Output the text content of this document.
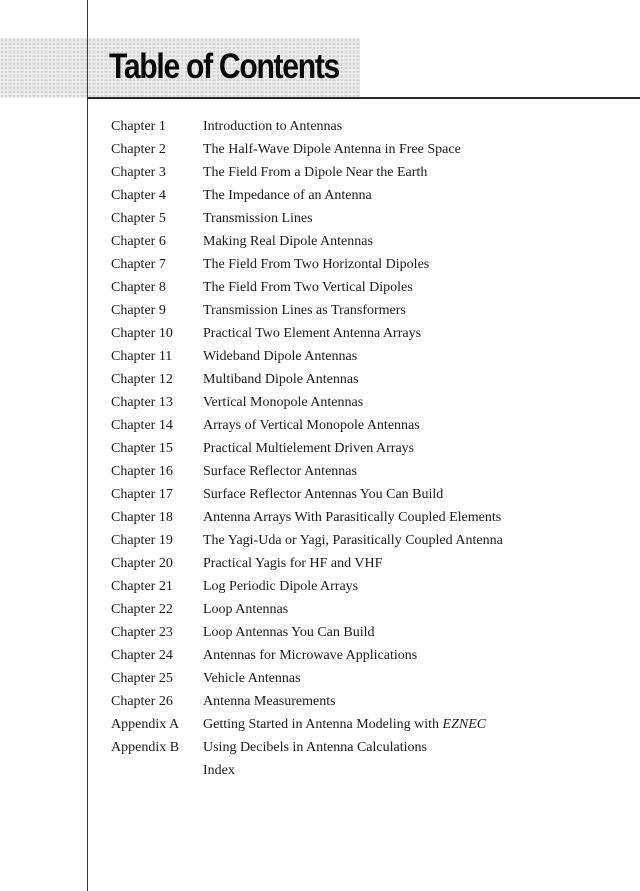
Table of Contents
Chapter 1	Introduction to Antennas
Chapter 2	The Half-Wave Dipole Antenna in Free Space
Chapter 3	The Field From a Dipole Near the Earth
Chapter 4	The Impedance of an Antenna
Chapter 5	Transmission Lines
Chapter 6	Making Real Dipole Antennas
Chapter 7	The Field From Two Horizontal Dipoles
Chapter 8	The Field From Two Vertical Dipoles
Chapter 9	Transmission Lines as Transformers
Chapter 10 Practical Two Element Antenna Arrays
Chapter 11 Wideband Dipole Antennas
Chapter 12 Multiband Dipole Antennas
Chapter 13 Vertical Monopole Antennas
Chapter 14 Arrays of Vertical Monopole Antennas
Chapter 15 Practical Multielement Driven Arrays
Chapter 16 Surface Reflector Antennas
Chapter 17 Surface Reflector Antennas You Can Build
Chapter 18 Antenna Arrays With Parasitically Coupled Elements
Chapter 19 The Yagi-Uda or Yagi, Parasitically Coupled Antenna
Chapter 20 Practical Yagis for HF and VHF
Chapter 21 Log Periodic Dipole Arrays
Chapter 22 Loop Antennas
Chapter 23 Loop Antennas You Can Build
Chapter 24 Antennas for Microwave Applications
Chapter 25 Vehicle Antennas
Chapter 26 Antenna Measurements
Appendix A Getting Started in Antenna Modeling with EZNEC
Appendix B Using Decibels in Antenna Calculations
Index
